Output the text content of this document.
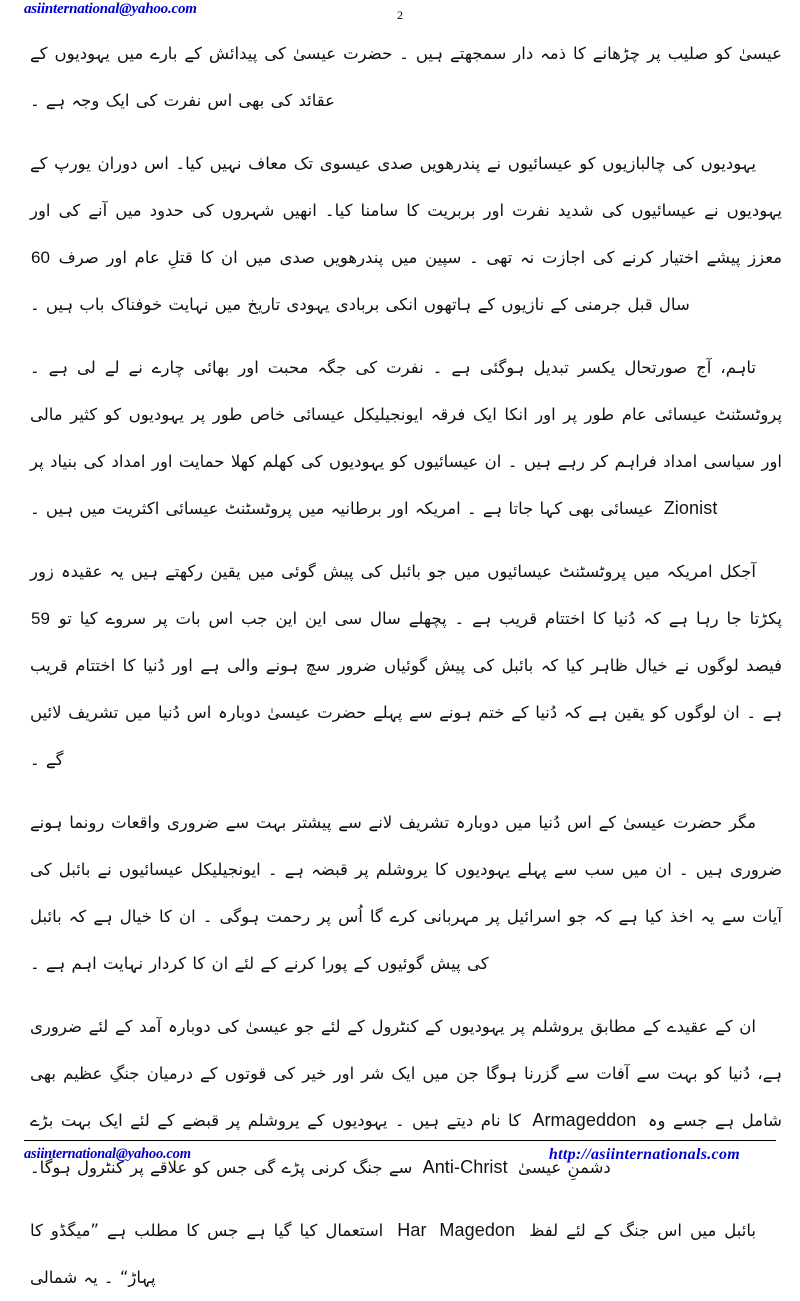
asiinternational@yahoo.com	2

عیسیٰ کو صلیب پر چڑھانے کا ذمہ دار سمجھتے ہیں ۔ حضرت عیسیٰ کی پیدائش کے بارے میں یہودیوں کے عقائد کی بھی اس نفرت کی ایک وجہ ہے ۔

یہودیوں کی چالبازیوں کو عیسائیوں نے پندرھویں صدی عیسوی تک معاف نہیں کیا۔ اس دوران یورپ کے یہودیوں نے عیسائیوں کی شدید نفرت اور بربریت کا سامنا کیا۔ انھیں شہروں کی حدود میں آنے کی اور معزز پیشے اختیار کرنے کی اجازت نہ تھی ۔ سپین میں پندرھویں صدی میں ان کا قتلِ عام اور صرف 60 سال قبل جرمنی کے نازیوں کے ہاتھوں انکی بربادی یہودی تاریخ میں نہایت خوفناک باب ہیں ۔

تاہم، آج صورتحال یکسر تبدیل ہوگئی ہے ۔ نفرت کی جگہ محبت اور بھائی چارے نے لے لی ہے ۔ پروٹسٹنٹ عیسائی عام طور پر اور انکا ایک فرقہ ایونجیلیکل عیسائی خاص طور پر یہودیوں کو کثیر مالی اور سیاسی امداد فراہم کر رہے ہیں ۔ ان عیسائیوں کو یہودیوں کی کھلم کھلا حمایت اور امداد کی بنیاد پر Zionist عیسائی بھی کہا جاتا ہے ۔ امریکہ اور برطانیہ میں پروٹسٹنٹ عیسائی اکثریت میں ہیں ۔

آجکل امریکہ میں پروٹسٹنٹ عیسائیوں میں جو بائبل کی پیش گوئی میں یقین رکھتے ہیں یہ عقیدہ زور پکڑتا جا رہا ہے کہ دُنیا کا اختتام قریب ہے ۔ پچھلے سال سی این این جب اس بات پر سروے کیا تو 59 فیصد لوگوں نے خیال ظاہر کیا کہ بائبل کی پیش گوئیاں ضرور سچ ہونے والی ہے اور دُنیا کا اختتام قریب ہے ۔ ان لوگوں کو یقین ہے کہ دُنیا کے ختم ہونے سے پہلے حضرت عیسیٰ دوبارہ اس دُنیا میں تشریف لائیں گے ۔

مگر حضرت عیسیٰ کے اس دُنیا میں دوبارہ تشریف لانے سے پیشتر بہت سے ضروری واقعات رونما ہونے ضروری ہیں ۔ ان میں سب سے پہلے یہودیوں کا یروشلم پر قبضہ ہے ۔ ایونجیلیکل عیسائیوں نے بائبل کی آیات سے یہ اخذ کیا ہے کہ جو اسرائیل پر مہربانی کرے گا اُس پر رحمت ہوگی ۔ ان کا خیال ہے کہ بائبل کی پیش گوئیوں کے پورا کرنے کے لئے ان کا کردار نہایت اہم ہے ۔

ان کے عقیدے کے مطابق یروشلم پر یہودیوں کے کنٹرول کے لئے جو عیسیٰ کی دوبارہ آمد کے لئے ضروری ہے، دُنیا کو بہت سے آفات سے گزرنا ہوگا جن میں ایک شر اور خیر کی قوتوں کے درمیان جنگِ عظیم بھی شامل ہے جسے وہ Armageddon کا نام دیتے ہیں ۔ یہودیوں کے یروشلم پر قبضے کے لئے ایک بہت بڑے دشمنِ عیسیٰ Anti-Christ سے جنگ کرنی پڑے گی جس کو علاقے پر کنٹرول ہوگا۔

بائبل میں اس جنگ کے لئے لفظ Har Magedon استعمال کیا گیا ہے جس کا مطلب ہے ”میگڈو کا پہاڑ“ ۔ یہ شمالی

asiinternational@yahoo.com	http://asiinternationals.com
